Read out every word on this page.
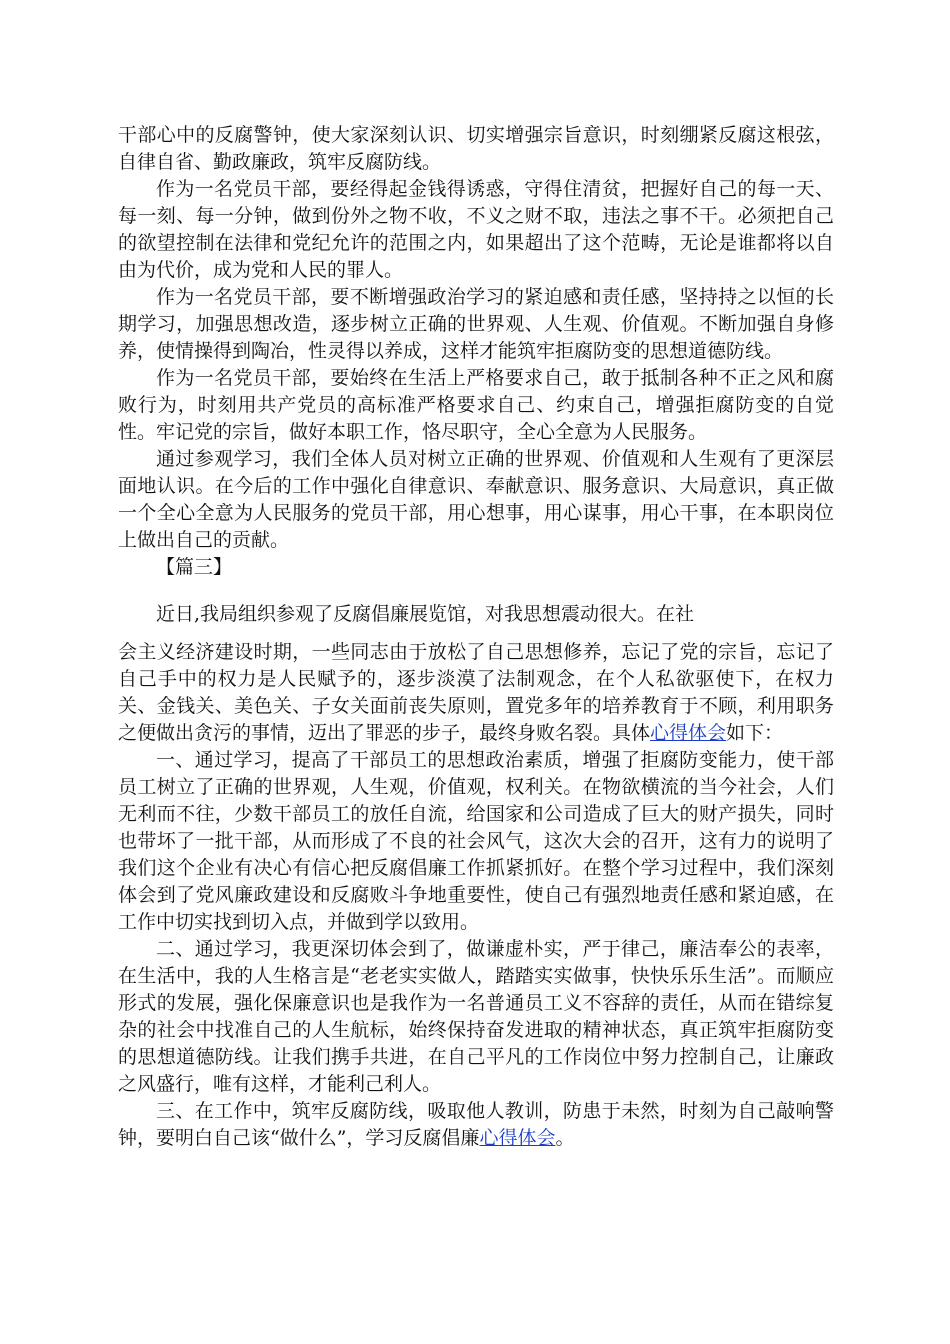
干部心中的反腐警钟，使大家深刻认识、切实增强宗旨意识，时刻绷紧反腐这根弦，自律自省、勤政廉政，筑牢反腐防线。

作为一名党员干部，要经得起金钱得诱惑，守得住清贫，把握好自己的每一天、每一刻、每一分钟，做到份外之物不收，不义之财不取，违法之事不干。必须把自己的欲望控制在法律和党纪允许的范围之内，如果超出了这个范畴，无论是谁都将以自由为代价，成为党和人民的罪人。

作为一名党员干部，要不断增强政治学习的紧迫感和责任感，坚持持之以恒的长期学习，加强思想改造，逐步树立正确的世界观、人生观、价值观。不断加强自身修养，使情操得到陶冶，性灵得以养成，这样才能筑牢拒腐防变的思想道德防线。

作为一名党员干部，要始终在生活上严格要求自己，敢于抵制各种不正之风和腐败行为，时刻用共产党员的高标准严格要求自己、约束自己，增强拒腐防变的自觉性。牢记党的宗旨，做好本职工作，恪尽职守，全心全意为人民服务。

通过参观学习，我们全体人员对树立正确的世界观、价值观和人生观有了更深层面地认识。在今后的工作中强化自律意识、奉献意识、服务意识、大局意识，真正做一个全心全意为人民服务的党员干部，用心想事，用心谋事，用心干事，在本职岗位上做出自己的贡献。

【篇三】

近日,我局组织参观了反腐倡廉展览馆，对我思想震动很大。在社

会主义经济建设时期，一些同志由于放松了自己思想修养，忘记了党的宗旨，忘记了自己手中的权力是人民赋予的，逐步淡漠了法制观念，在个人私欲驱使下，在权力关、金钱关、美色关、子女关面前丧失原则，置党多年的培养教育于不顾，利用职务之便做出贪污的事情，迈出了罪恶的步子，最终身败名裂。具体心得体会如下：

一、通过学习，提高了干部员工的思想政治素质，增强了拒腐防变能力，使干部员工树立了正确的世界观，人生观，价值观，权利关。在物欲横流的当今社会，人们无利而不往，少数干部员工的放任自流，给国家和公司造成了巨大的财产损失，同时也带坏了一批干部，从而形成了不良的社会风气，这次大会的召开，这有力的说明了我们这个企业有决心有信心把反腐倡廉工作抓紧抓好。在整个学习过程中，我们深刻体会到了党风廉政建设和反腐败斗争地重要性，使自己有强烈地责任感和紧迫感，在工作中切实找到切入点，并做到学以致用。

二、通过学习，我更深切体会到了，做谦虚朴实，严于律己，廉洁奉公的表率，在生活中，我的人生格言是“老老实实做人，踏踏实实做事，快快乐乐生活”。而顺应形式的发展，强化保廉意识也是我作为一名普通员工义不容辞的责任，从而在错综复杂的社会中找准自己的人生航标，始终保持奋发进取的精神状态，真正筑牢拒腐防变的思想道德防线。让我们携手共进，在自己平凡的工作岗位中努力控制自己，让廉政之风盛行，唯有这样，才能利己利人。

三、在工作中，筑牢反腐防线，吸取他人教训，防患于未然，时刻为自己敲响警钟，要明白自己该“做什么”，学习反腐倡廉心得体会。
